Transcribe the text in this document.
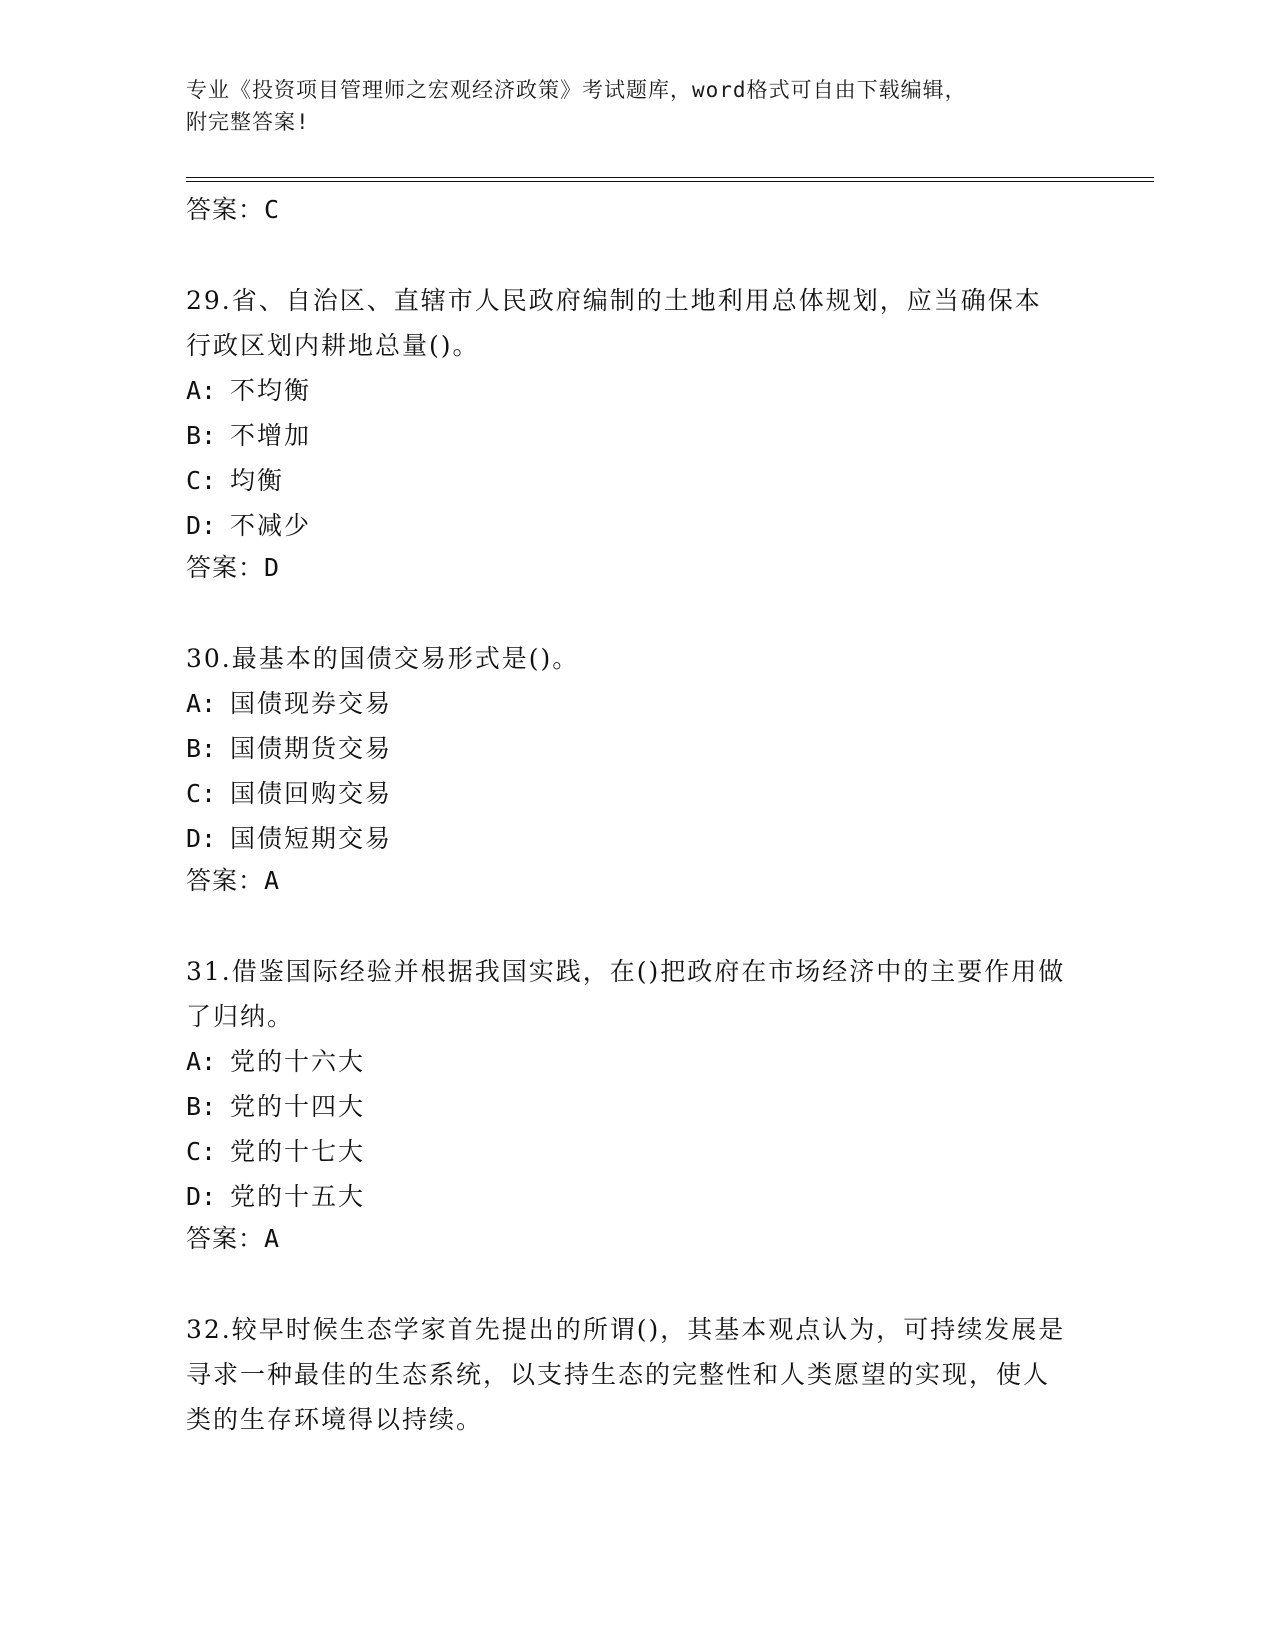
专业《投资项目管理师之宏观经济政策》考试题库，word格式可自由下载编辑，
附完整答案!
答案：C
29.省、自治区、直辖市人民政府编制的土地利用总体规划，应当确保本行政区划内耕地总量()。
A: 不均衡
B: 不增加
C: 均衡
D: 不减少
答案：D
30.最基本的国债交易形式是()。
A: 国债现券交易
B: 国债期货交易
C: 国债回购交易
D: 国债短期交易
答案：A
31.借鉴国际经验并根据我国实践，在()把政府在市场经济中的主要作用做了归纳。
A: 党的十六大
B: 党的十四大
C: 党的十七大
D: 党的十五大
答案：A
32.较早时候生态学家首先提出的所谓()，其基本观点认为，可持续发展是寻求一种最佳的生态系统，以支持生态的完整性和人类愿望的实现，使人类的生存环境得以持续。
